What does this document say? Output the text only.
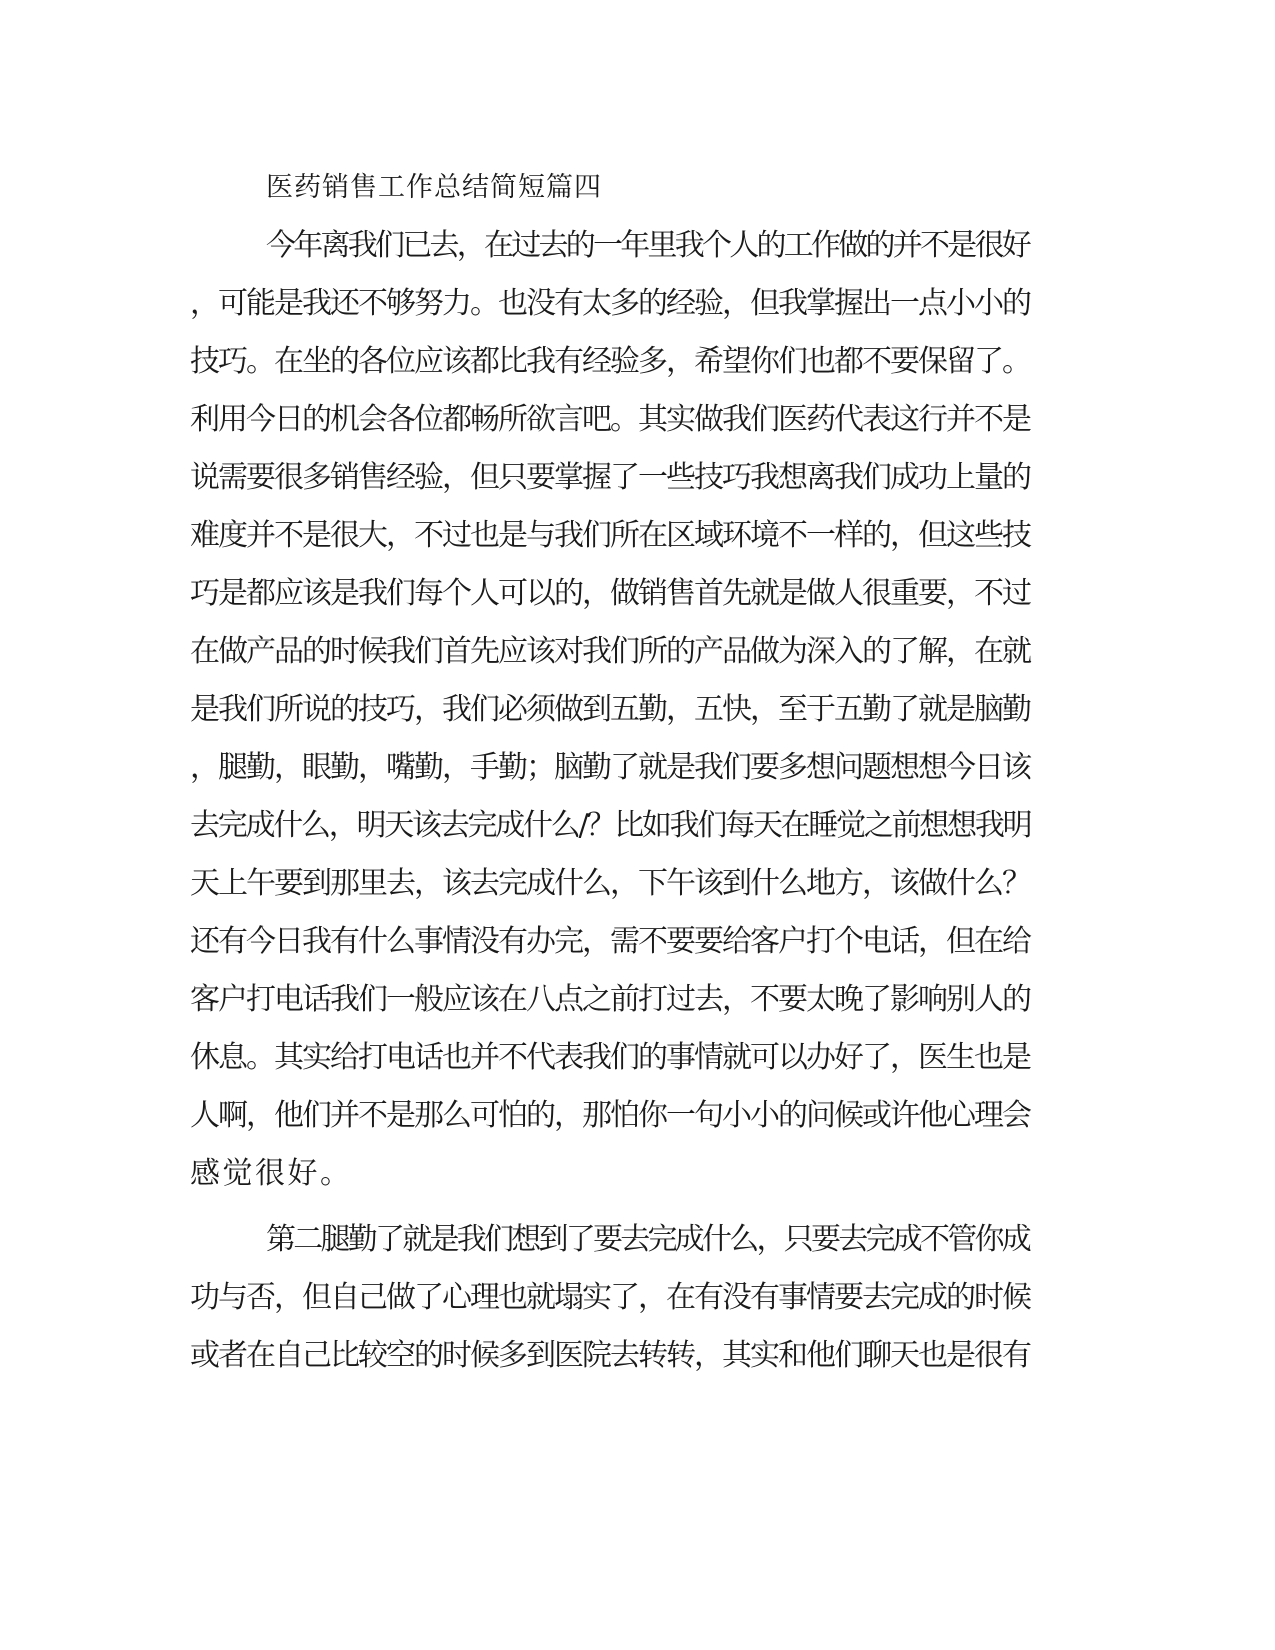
医药销售工作总结简短篇四
今年离我们已去，在过去的一年里我个人的工作做的并不是很好
，可能是我还不够努力。也没有太多的经验，但我掌握出一点小小的
技巧。在坐的各位应该都比我有经验多，希望你们也都不要保留了。
利用今日的机会各位都畅所欲言吧。其实做我们医药代表这行并不是
说需要很多销售经验，但只要掌握了一些技巧我想离我们成功上量的
难度并不是很大，不过也是与我们所在区域环境不一样的，但这些技
巧是都应该是我们每个人可以的，做销售首先就是做人很重要，不过
在做产品的时候我们首先应该对我们所的产品做为深入的了解，在就
是我们所说的技巧，我们必须做到五勤，五快，至于五勤了就是脑勤
，腿勤，眼勤，嘴勤，手勤；脑勤了就是我们要多想问题想想今日该
去完成什么，明天该去完成什么/？比如我们每天在睡觉之前想想我明
天上午要到那里去，该去完成什么，下午该到什么地方，该做什么？
还有今日我有什么事情没有办完，需不要要给客户打个电话，但在给
客户打电话我们一般应该在八点之前打过去，不要太晚了影响别人的
休息。其实给打电话也并不代表我们的事情就可以办好了，医生也是
人啊，他们并不是那么可怕的，那怕你一句小小的问候或许他心理会
感觉很好。
第二腿勤了就是我们想到了要去完成什么，只要去完成不管你成
功与否，但自己做了心理也就塌实了，在有没有事情要去完成的时候
或者在自己比较空的时候多到医院去转转，其实和他们聊天也是很有
